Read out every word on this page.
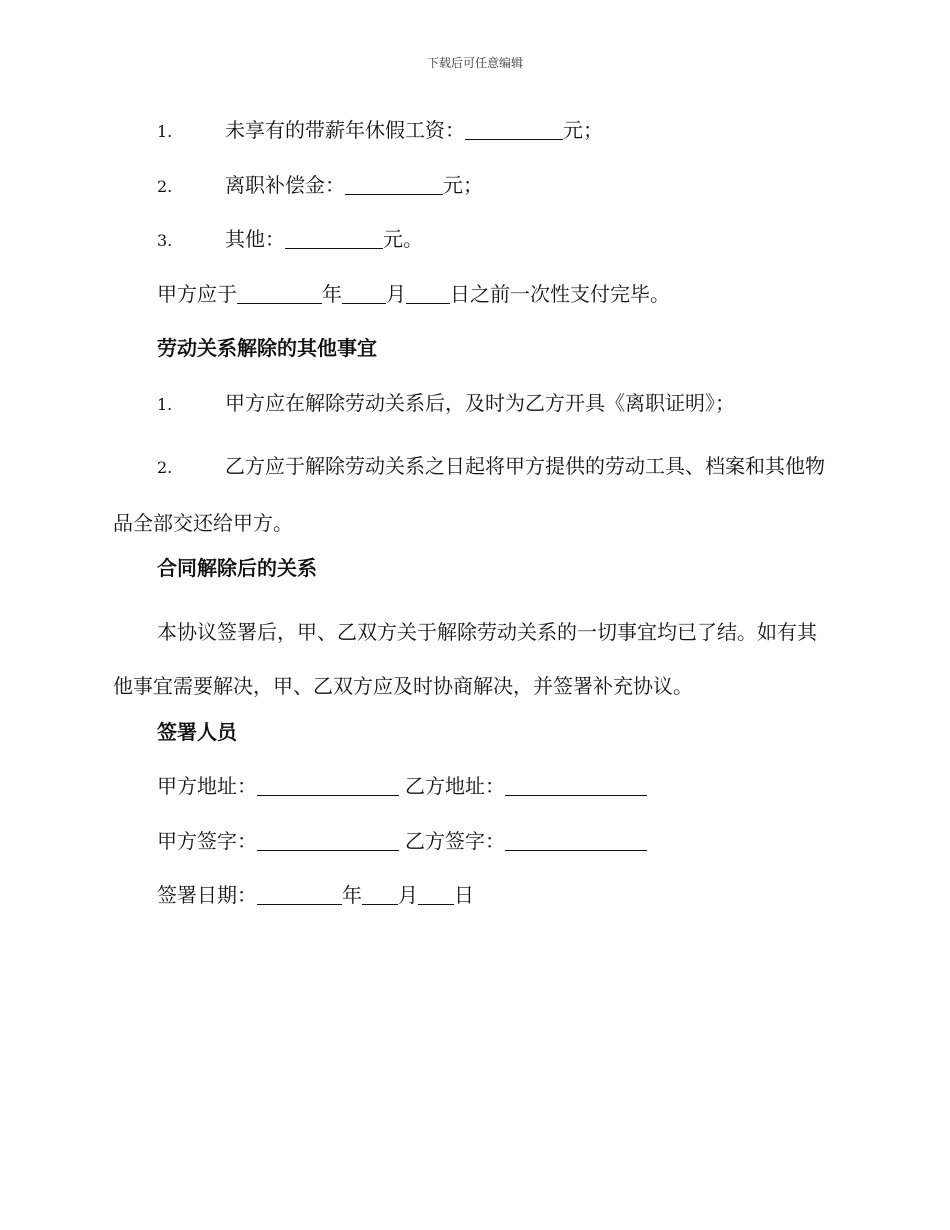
下载后可任意编辑
1.	未享有的带薪年休假工资：	元；
2.	离职补偿金：	元；
3.	其他：	元。
甲方应于	年 月 日之前一次性支付完毕。
劳动关系解除的其他事宜
1.	甲方应在解除劳动关系后，及时为乙方开具《离职证明》；
2.	乙方应于解除劳动关系之日起将甲方提供的劳动工具、档案和其他物品全部交还给甲方。
合同解除后的关系
本协议签署后，甲、乙双方关于解除劳动关系的一切事宜均已了结。如有其他事宜需要解决，甲、乙双方应及时协商解决，并签署补充协议。
签署人员
甲方地址：	乙方地址：
甲方签字：	乙方签字：
签署日期：	年 月 日
